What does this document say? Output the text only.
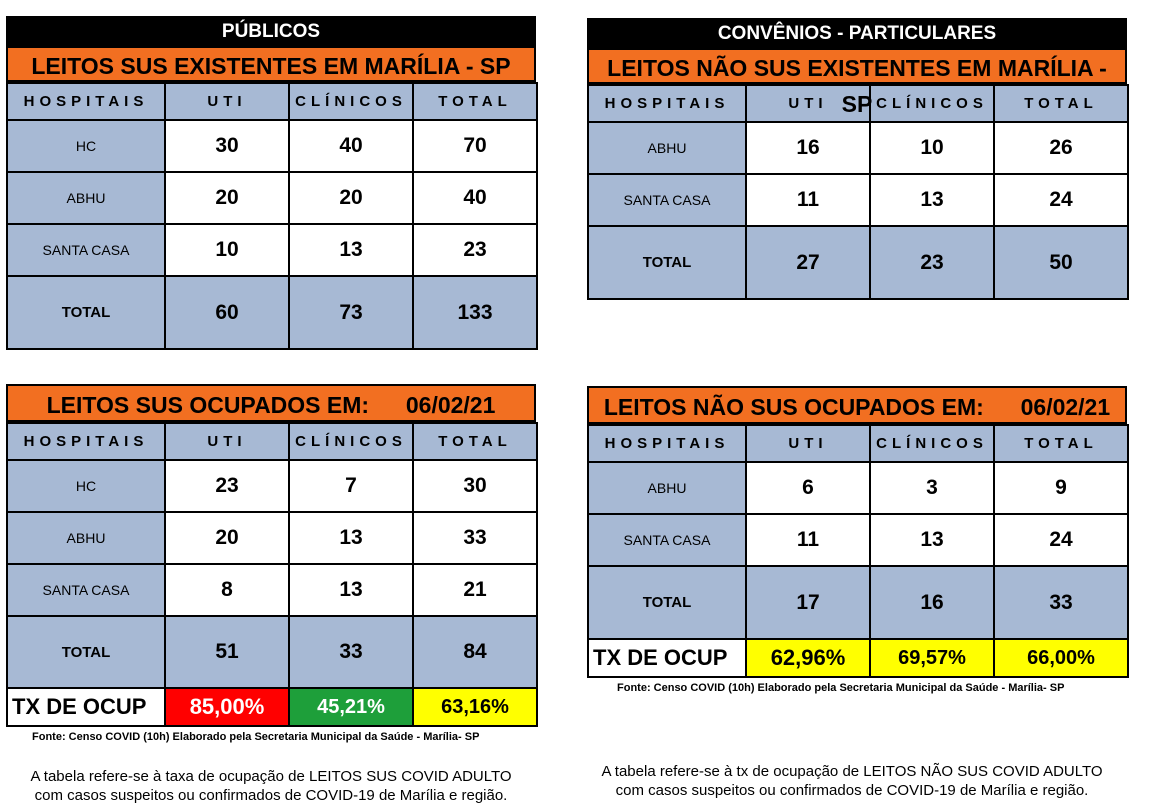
PÚBLICOS
LEITOS SUS EXISTENTES EM MARÍLIA - SP
HOSPITAIS	UTI	CLÍNICOS	TOTAL
HC	30	40	70
ABHU	20	20	40
SANTA CASA	10	13	23
TOTAL	60	73	133
LEITOS SUS OCUPADOS EM: 06/02/21
HOSPITAIS	UTI	CLÍNICOS	TOTAL
HC	23	7	30
ABHU	20	13	33
SANTA CASA	8	13	21
TOTAL	51	33	84
TX DE OCUP	85,00%	45,21%	63,16%
Fonte: Censo COVID (10h) Elaborado pela Secretaria Municipal da Saúde - Marília- SP
A tabela refere-se à taxa de ocupação de LEITOS SUS COVID ADULTO
com casos suspeitos ou confirmados de COVID-19 de Marília e região.
CONVÊNIOS - PARTICULARES
LEITOS NÃO SUS EXISTENTES EM MARÍLIA - SP
HOSPITAIS	UTI	CLÍNICOS	TOTAL
ABHU	16	10	26
SANTA CASA	11	13	24
TOTAL	27	23	50
LEITOS NÃO SUS OCUPADOS EM: 06/02/21
HOSPITAIS	UTI	CLÍNICOS	TOTAL
ABHU	6	3	9
SANTA CASA	11	13	24
TOTAL	17	16	33
TX DE OCUP	62,96%	69,57%	66,00%
Fonte: Censo COVID (10h) Elaborado pela Secretaria Municipal da Saúde - Marília- SP
A tabela refere-se à tx de ocupação de LEITOS NÃO SUS COVID ADULTO
com casos suspeitos ou confirmados de COVID-19 de Marília e região.
